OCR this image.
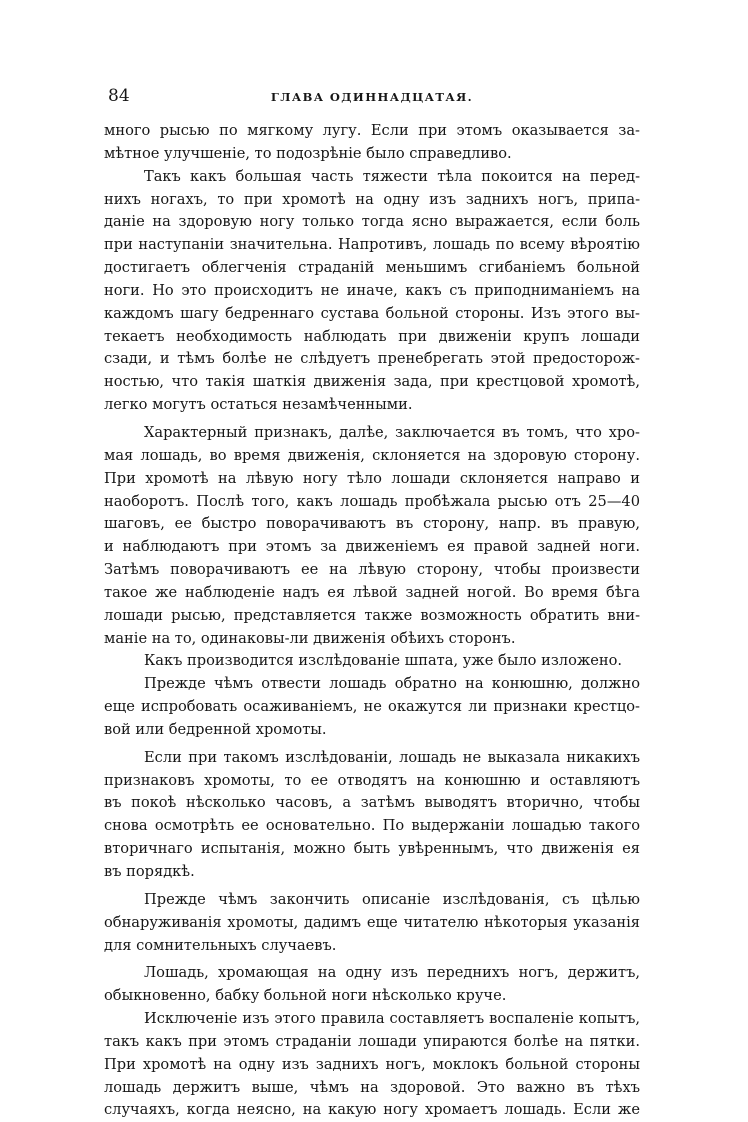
84	ГЛАВА ОДИННАДЦАТАЯ.
много рысью по мягкому лугу. Если при этомъ оказывается за-
мѣтное улучшеніе, то подозрѣніе было справедливо.
Такъ какъ большая часть тяжести тѣла покоится на перед-
нихъ ногахъ, то при хромотѣ на одну изъ заднихъ ногъ, припа-
даніе на здоровую ногу только тогда ясно выражается, если боль
при наступаніи значительна. Напротивъ, лошадь по всему вѣроятію
достигаетъ облегченія страданій меньшимъ сгибаніемъ больной
ноги. Но это происходитъ не иначе, какъ съ приподниманіемъ на
каждомъ шагу бедреннаго сустава больной стороны. Изъ этого вы-
текаетъ необходимость наблюдать при движеніи крупъ лошади
сзади, и тѣмъ болѣе не слѣдуетъ пренебрегать этой предосторож-
ностью, что такія шаткія движенія зада, при крестцовой хромотѣ,
легко могутъ остаться незамѣченными.
Характерный признакъ, далѣе, заключается въ томъ, что хро-
мая лошадь, во время движенія, склоняется на здоровую сторону.
При хромотѣ на лѣвую ногу тѣло лошади склоняется направо и
наоборотъ. Послѣ того, какъ лошадь пробѣжала рысью отъ 25—40
шаговъ, ее быстро поворачиваютъ въ сторону, напр. въ правую,
и наблюдаютъ при этомъ за движеніемъ ея правой задней ноги.
Затѣмъ поворачиваютъ ее на лѣвую сторону, чтобы произвести
такое же наблюденіе надъ ея лѣвой задней ногой. Во время бѣга
лошади рысью, представляется также возможность обратить вни-
маніе на то, одинаковы-ли движенія обѣихъ сторонъ.
Какъ производится изслѣдованіе шпата, уже было изложено.
Прежде чѣмъ отвести лошадь обратно на конюшню, должно
еще испробовать осаживаніемъ, не окажутся ли признаки крестцо-
вой или бедренной хромоты.
Если при такомъ изслѣдованіи, лошадь не выказала никакихъ
признаковъ хромоты, то ее отводятъ на конюшню и оставляютъ
въ покоѣ нѣсколько часовъ, а затѣмъ выводятъ вторично, чтобы
снова осмотрѣть ее основательно. По выдержаніи лошадью такого
вторичнаго испытанія, можно быть увѣреннымъ, что движенія ея
въ порядкѣ.
Прежде чѣмъ закончить описаніе изслѣдованія, съ цѣлью
обнаруживанія хромоты, дадимъ еще читателю нѣкоторыя указанія
для сомнительныхъ случаевъ.
Лошадь, хромающая на одну изъ переднихъ ногъ, держитъ,
обыкновенно, бабку больной ноги нѣсколько круче.
Исключеніе изъ этого правила составляетъ воспаленіе копытъ,
такъ какъ при этомъ страданіи лошади упираются болѣе на пятки.
При хромотѣ на одну изъ заднихъ ногъ, моклокъ больной стороны
лошадь держитъ выше, чѣмъ на здоровой. Это важно въ тѣхъ
случаяхъ, когда неясно, на какую ногу хромаетъ лошадь. Если же
